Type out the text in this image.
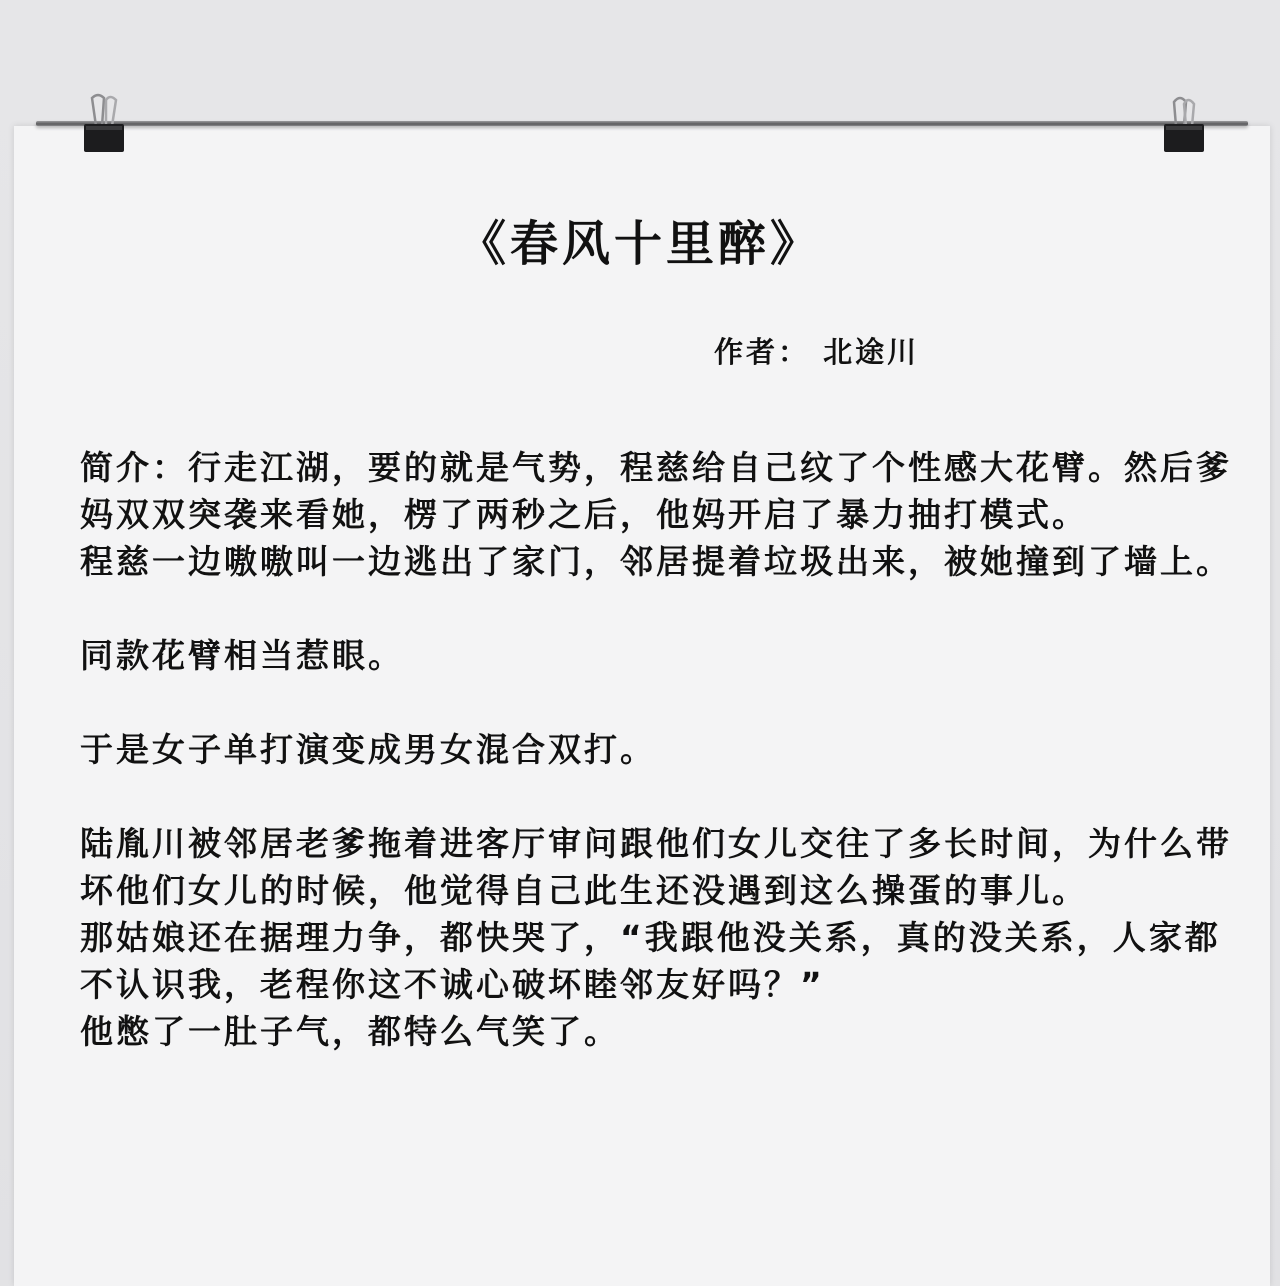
《春风十里醉》
作者： 北途川

简介：行走江湖，要的就是气势，程慈给自己纹了个性感大花臂。然后爹妈双双突袭来看她，楞了两秒之后，他妈开启了暴力抽打模式。

程慈一边嗷嗷叫一边逃出了家门，邻居提着垃圾出来，被她撞到了墙上。

同款花臂相当惹眼。

于是女子单打演变成男女混合双打。

陆胤川被邻居老爹拖着进客厅审问跟他们女儿交往了多长时间，为什么带坏他们女儿的时候，他觉得自己此生还没遇到这么操蛋的事儿。

那姑娘还在据理力争，都快哭了，“我跟他没关系，真的没关系，人家都不认识我，老程你这不诚心破坏睦邻友好吗？”

他憋了一肚子气，都特么气笑了。
